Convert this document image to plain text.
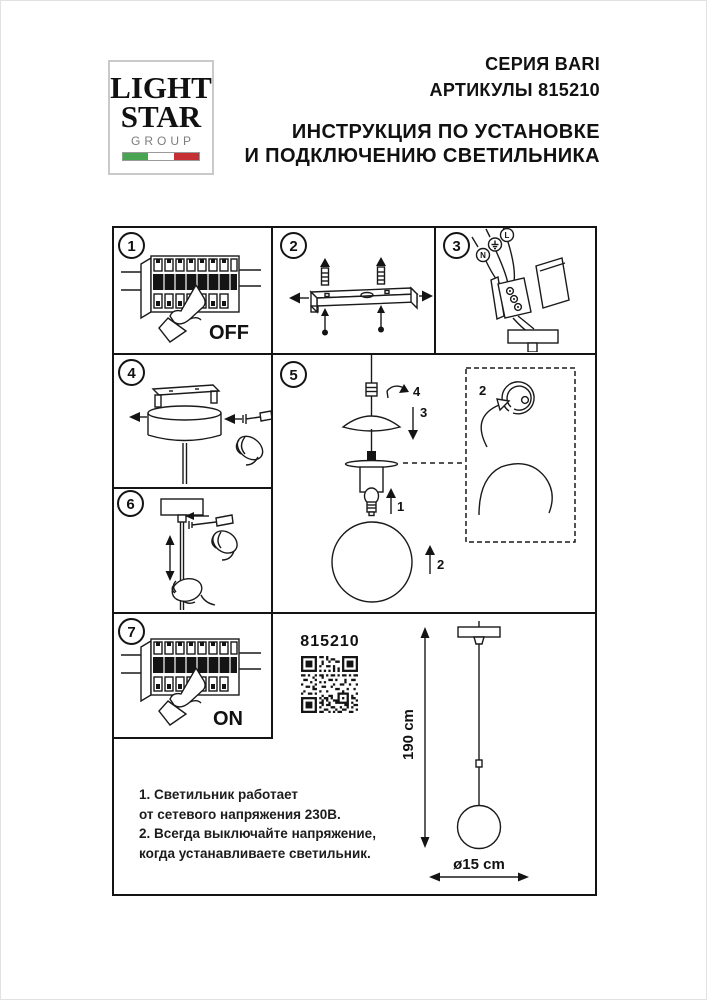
LIGHT
STAR
GROUP
СЕРИЯ BARI
АРТИКУЛЫ 815210
ИНСТРУКЦИЯ ПО УСТАНОВКЕ
И ПОДКЛЮЧЕНИЮ СВЕТИЛЬНИКА
OFF
N
L
4
3
1
2
2
ON
1	2	3
4	5
6
7
815210
190 cm
ø15 cm
1. Светильник работает
от сетевого напряжения 230В.
2. Всегда выключайте напряжение,
когда устанавливаете светильник.
